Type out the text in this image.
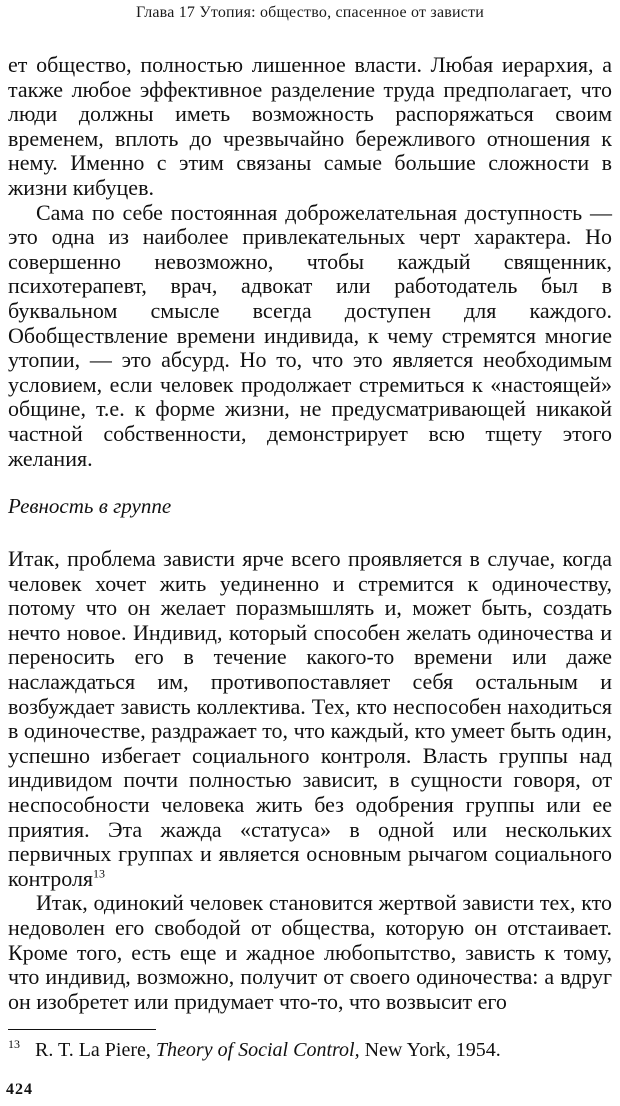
Глава 17 Утопия: общество, спасенное от зависти

ет общество, полностью лишенное власти. Любая иерархия, а также любое эффективное разделение труда предполагает, что люди должны иметь возможность распоряжаться своим временем, вплоть до чрезвычайно бережливого отношения к нему. Именно с этим связаны самые большие сложности в жизни кибуцев.

Сама по себе постоянная доброжелательная доступность — это одна из наиболее привлекательных черт характера. Но совершенно невозможно, чтобы каждый священник, психотерапевт, врач, адвокат или работодатель был в буквальном смысле всегда доступен для каждого. Обобществление времени индивида, к чему стремятся многие утопии, — это абсурд. Но то, что это является необходимым условием, если человек продолжает стремиться к «настоящей» общине, т.е. к форме жизни, не предусматривающей никакой частной собственности, демонстрирует всю тщету этого желания.

Ревность в группе

Итак, проблема зависти ярче всего проявляется в случае, когда человек хочет жить уединенно и стремится к одиночеству, потому что он желает поразмышлять и, может быть, создать нечто новое. Индивид, который способен желать одиночества и переносить его в течение какого-то времени или даже наслаждаться им, противопоставляет себя остальным и возбуждает зависть коллектива. Тех, кто неспособен находиться в одиночестве, раздражает то, что каждый, кто умеет быть один, успешно избегает социального контроля. Власть группы над индивидом почти полностью зависит, в сущности говоря, от неспособности человека жить без одобрения группы или ее приятия. Эта жажда «статуса» в одной или нескольких первичных группах и является основным рычагом социального контроля$^{13}$

Итак, одинокий человек становится жертвой зависти тех, кто недоволен его свободой от общества, которую он отстаивает. Кроме того, есть еще и жадное любопытство, зависть к тому, что индивид, возможно, получит от своего одиночества: а вдруг он изобретет или придумает что-то, что возвысит его

$^{13}$ R. T. La Piere, Theory of Social Control, New York, 1954.
424
